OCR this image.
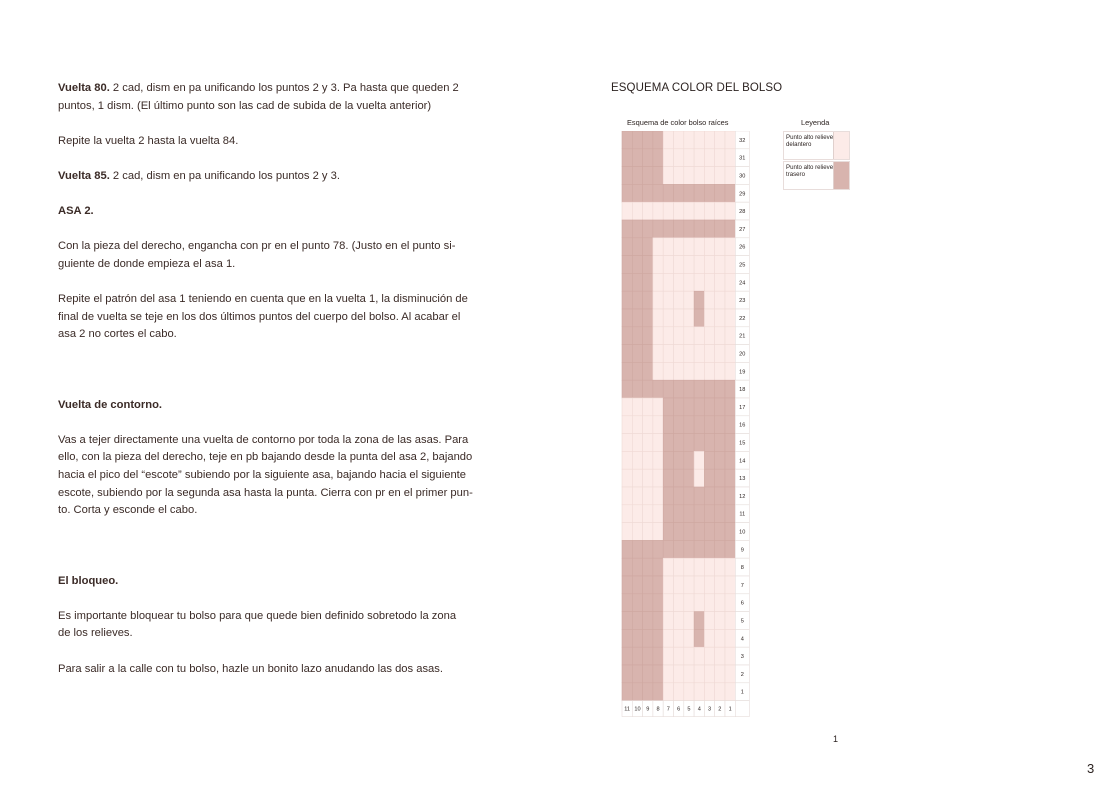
Vuelta 80. 2 cad, dism en pa unificando los puntos 2 y 3. Pa hasta que queden 2

puntos, 1 dism. (El último punto son las cad de subida de la vuelta anterior)

Repite la vuelta 2 hasta la vuelta 84.

Vuelta 85. 2 cad, dism en pa unificando los puntos 2 y 3.

ASA 2.

Con la pieza del derecho, engancha con pr en el punto 78. (Justo en el punto si-

guiente de donde empieza el asa 1.

Repite el patrón del asa 1 teniendo en cuenta que en la vuelta 1, la disminución de

final de vuelta se teje en los dos últimos puntos del cuerpo del bolso. Al acabar el

asa 2 no cortes el cabo.

Vuelta de contorno.

Vas a tejer directamente una vuelta de contorno por toda la zona de las asas. Para

ello, con la pieza del derecho, teje en pb bajando desde la punta del asa 2, bajando

hacia el pico del “escote” subiendo por la siguiente asa, bajando hacia el siguiente

escote, subiendo por la segunda asa hasta la punta. Cierra con pr en el primer pun-

to. Corta y esconde el cabo.

El bloqueo.

Es importante bloquear tu bolso para que quede bien definido sobretodo la zona

de los relieves.

Para salir a la calle con tu bolso, hazle un bonito lazo anudando las dos asas.

ESQUEMA COLOR DEL BOLSO
Esquema de color bolso raíces	Leyenda
32
31
30
29
28
27
26
25
24
23
22
21
20
19
18
17
16
15
14
13
12
11
10
9
8
7
6
5
4
3
2
1
11 10 9 8 7 6 5 4 3 2 1
Punto alto relieve delantero
Punto alto relieve trasero
1
3
